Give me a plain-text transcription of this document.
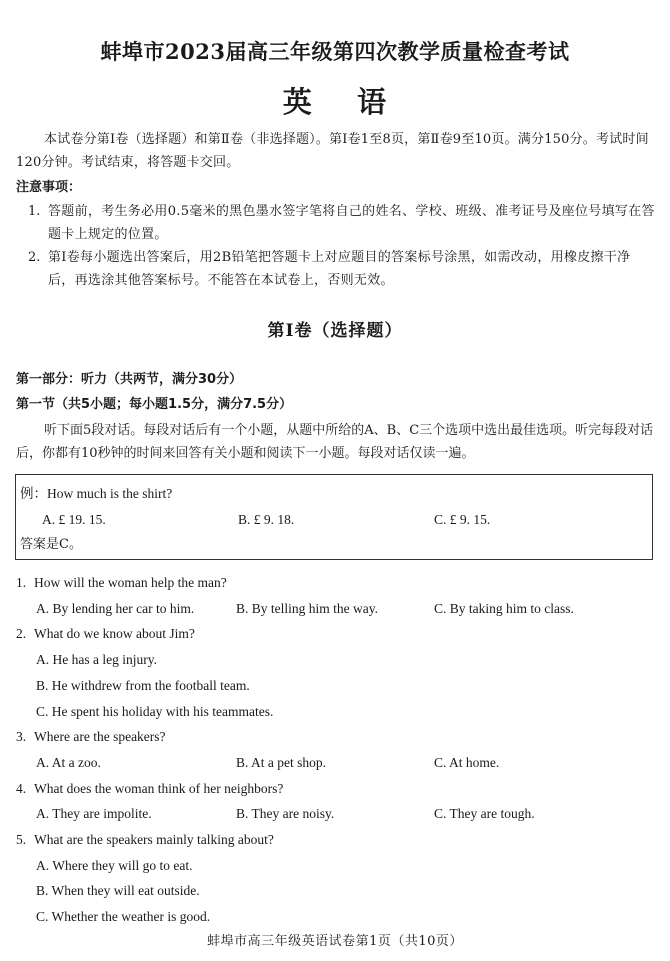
蚌埠市2023届高三年级第四次教学质量检查考试
英    语
本试卷分第Ⅰ卷（选择题）和第Ⅱ卷（非选择题）。第Ⅰ卷1至8页，第Ⅱ卷9至10页。满分150分。考试时间120分钟。考试结束，将答题卡交回。
注意事项：
1. 答题前，考生务必用0.5毫米的黑色墨水签字笔将自己的姓名、学校、班级、准考证号及座位号填写在答题卡上规定的位置。
2. 第Ⅰ卷每小题选出答案后，用2B铅笔把答题卡上对应题目的答案标号涂黑，如需改动，用橡皮擦干净后，再选涂其他答案标号。不能答在本试卷上，否则无效。
第Ⅰ卷（选择题）
第一部分：听力（共两节，满分30分）
第一节（共5小题；每小题1.5分，满分7.5分）
听下面5段对话。每段对话后有一个小题，从题中所给的A、B、C三个选项中选出最佳选项。听完每段对话后，你都有10秒钟的时间来回答有关小题和阅读下一小题。每段对话仅读一遍。
例：How much is the shirt?
A. £ 19. 15.	B. £ 9. 18.	C. £ 9. 15.
答案是C。
1. How will the woman help the man?
A. By lending her car to him.	B. By telling him the way.	C. By taking him to class.
2. What do we know about Jim?
A. He has a leg injury.
B. He withdrew from the football team.
C. He spent his holiday with his teammates.
3. Where are the speakers?
A. At a zoo.	B. At a pet shop.	C. At home.
4. What does the woman think of her neighbors?
A. They are impolite.	B. They are noisy.	C. They are tough.
5. What are the speakers mainly talking about?
A. Where they will go to eat.
B. When they will eat outside.
C. Whether the weather is good.
蚌埠市高三年级英语试卷第1页（共10页）
